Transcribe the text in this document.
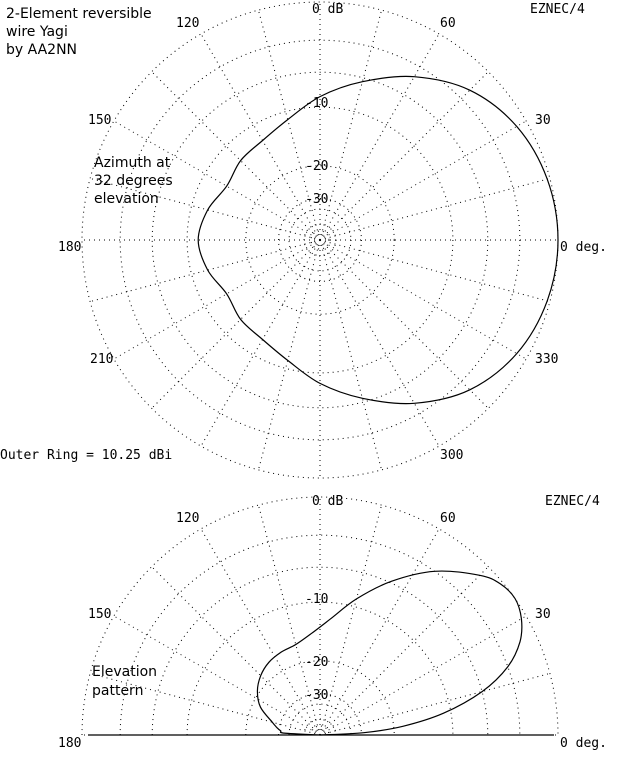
2-Element reversible
wire Yagi
by AA2NN
EZNEC/4
0 dB
120	60
150	30
180	0 deg.
210	330
300
-10
-20
-30
Azimuth at
32 degrees
elevation
Outer Ring = 10.25 dBi
EZNEC/4
0 dB
120	60
150	30
180	0 deg.
-10
-20
-30
Elevation
pattern
